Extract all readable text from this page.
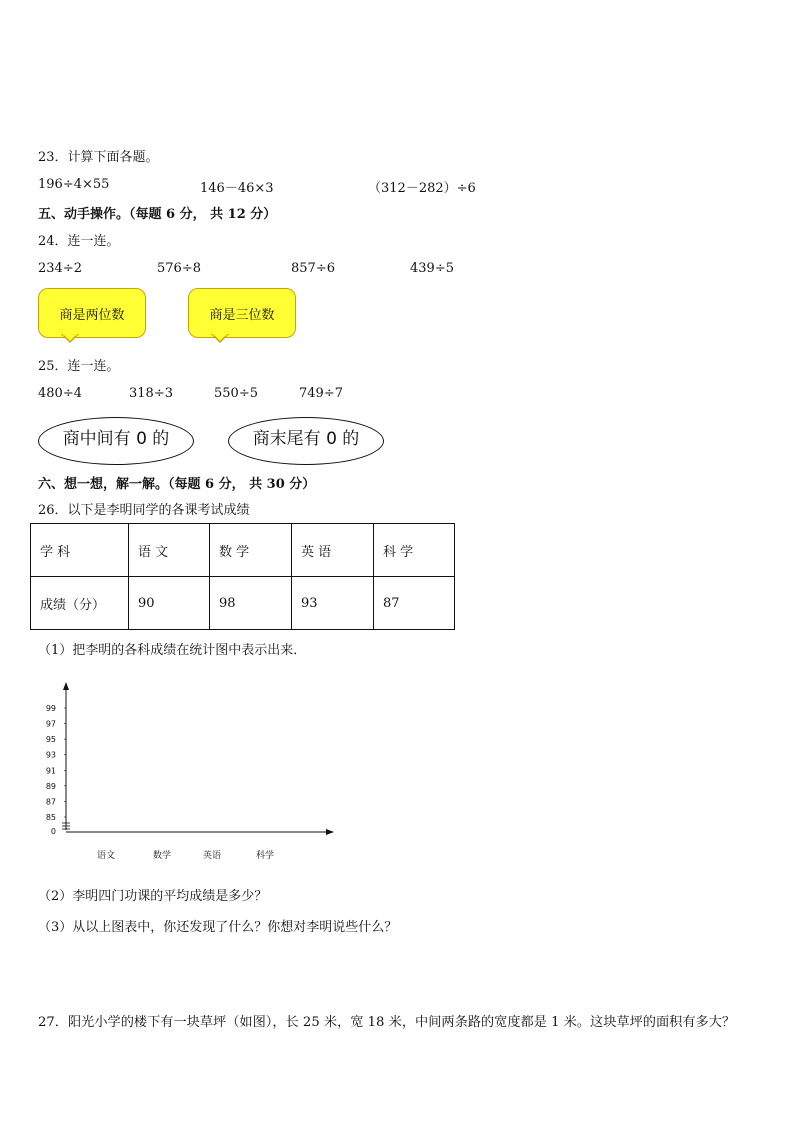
23．计算下面各题。
196÷4×55	146－46×3	（312－282）÷6
五、动手操作。（每题 6 分， 共 12 分）
24．连一连。
234÷2	576÷8	857÷6	439÷5
商是两位数	商是三位数
25．连一连。
480÷4	318÷3	550÷5	749÷7
商中间有 0 的	商末尾有 0 的
六、想一想，解一解。（每题 6 分， 共 30 分）
26．以下是李明同学的各课考试成绩
学 科	语 文	数 学	英 语	科 学
成绩（分）	90	98	93	87
（1）把李明的各科成绩在统计图中表示出来．
0
85
87
89
91
93
95
97
99
语文	数学	英语	科学
（2）李明四门功课的平均成绩是多少？
（3）从以上图表中，你还发现了什么？你想对李明说些什么？
27．阳光小学的楼下有一块草坪（如图），长 25 米，宽 18 米，中间两条路的宽度都是 1 米。这块草坪的面积有多大？
